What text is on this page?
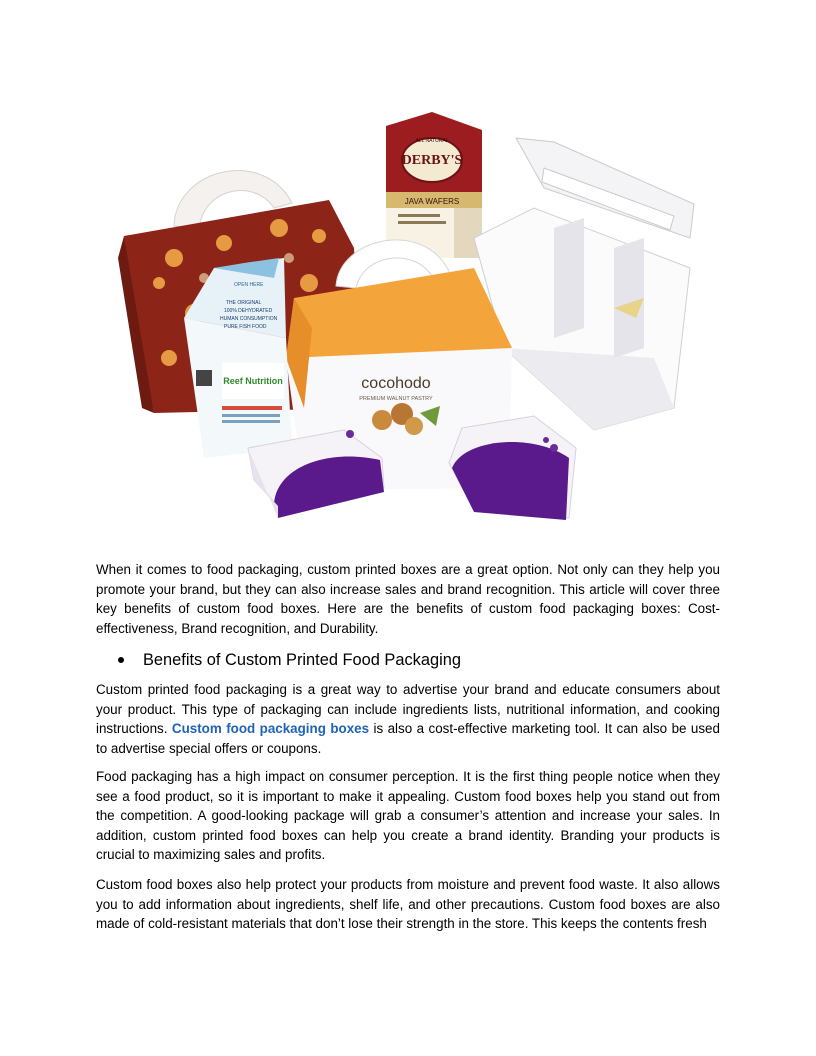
ALL NATURAL
DERBY'S
JAVA WAFERS
cocohodo
PREMIUM WALNUT PASTRY
OPEN HERE
THE ORIGINAL
100% DEHYDRATED
HUMAN CONSUMPTION
PURE FISH FOOD
Reef Nutrition

When it comes to food packaging, custom printed boxes are a great option. Not only can they help you promote your brand, but they can also increase sales and brand recognition. This article will cover three key benefits of custom food boxes. Here are the benefits of custom food packaging boxes: Cost-effectiveness, Brand recognition, and Durability.

Benefits of Custom Printed Food Packaging

Custom printed food packaging is a great way to advertise your brand and educate consumers about your product. This type of packaging can include ingredients lists, nutritional information, and cooking instructions. Custom food packaging boxes is also a cost-effective marketing tool. It can also be used to advertise special offers or coupons.

Food packaging has a high impact on consumer perception. It is the first thing people notice when they see a food product, so it is important to make it appealing. Custom food boxes help you stand out from the competition. A good-looking package will grab a consumer’s attention and increase your sales. In addition, custom printed food boxes can help you create a brand identity. Branding your products is crucial to maximizing sales and profits.

Custom food boxes also help protect your products from moisture and prevent food waste. It also allows you to add information about ingredients, shelf life, and other precautions. Custom food boxes are also made of cold-resistant materials that don’t lose their strength in the store. This keeps the contents fresh
